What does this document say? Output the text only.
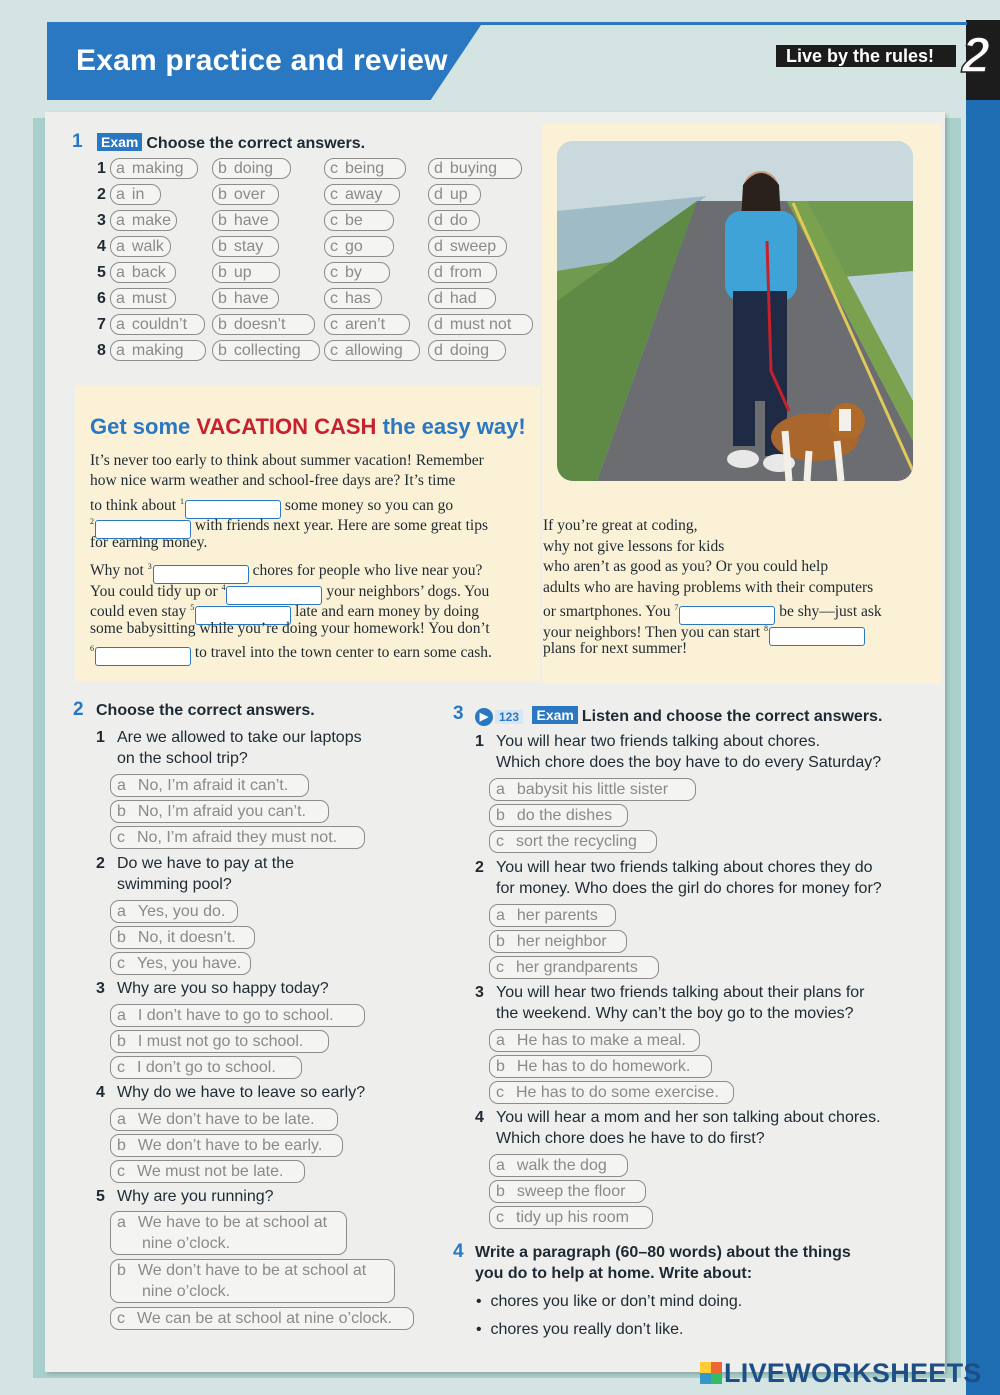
Exam practice and review	Live by the rules! 2
1 Exam Choose the correct answers.
1 a making	b doing	c being	d buying
2 a in	b over	c away	d up
3 a make	b have	c be	d do
4 a walk	b stay	c go	d sweep
5 a back	b up	c by	d from
6 a must	b have	c has	d had
7 a couldn’t	b doesn’t	c aren’t	d must not
8 a making	b collecting	c allowing	d doing
Get some VACATION CASH the easy way!
It’s never too early to think about summer vacation! Remember
how nice warm weather and school-free days are? It’s time
to think about $^1$	some money so you can go
$^2$	with friends next year. Here are some great tips
for earning money.
Why not $^3$	chores for people who live near you?
You could tidy up or $^4$	your neighbors’ dogs. You
could even stay $^5$	late and earn money by doing
some babysitting while you’re doing your homework! You don’t
$^6$	to travel into the town center to earn some cash.
If you’re great at coding,
why not give lessons for kids
who aren’t as good as you? Or you could help
adults who are having problems with their computers
or smartphones. You $^7$	be shy—just ask
your neighbors! Then you can start $^8$
plans for next summer!
2 Choose the correct answers.
1 Are we allowed to take our laptops
on the school trip?
a No, I’m afraid it can’t.
b No, I’m afraid you can’t.
c No, I’m afraid they must not.
2 Do we have to pay at the
swimming pool?
a Yes, you do.
b No, it doesn’t.
c Yes, you have.
3 Why are you so happy today?
a I don’t have to go to school.
b I must not go to school.
c I don’t go to school.
4 Why do we have to leave so early?
a We don’t have to be late.
b We don’t have to be early.
c We must not be late.
5 Why are you running?
a We have to be at school at
nine o’clock.
b We don’t have to be at school at
nine o’clock.
c We can be at school at nine o’clock.
3	▶ 123 Exam Listen and choose the correct answers.
1 You will hear two friends talking about chores.
Which chore does the boy have to do every Saturday?
a babysit his little sister
b do the dishes
c sort the recycling
2 You will hear two friends talking about chores they do
for money. Who does the girl do chores for money for?
a her parents
b her neighbor
c her grandparents
3 You will hear two friends talking about their plans for
the weekend. Why can’t the boy go to the movies?
a He has to make a meal.
b He has to do homework.
c He has to do some exercise.
4 You will hear a mom and her son talking about chores.
Which chore does he have to do first?
a walk the dog
b sweep the floor
c tidy up his room
4 Write a paragraph (60–80 words) about the things
you do to help at home. Write about:
•  chores you like or don’t mind doing.
•  chores you really don’t like.
LIVEWORKSHEETS
